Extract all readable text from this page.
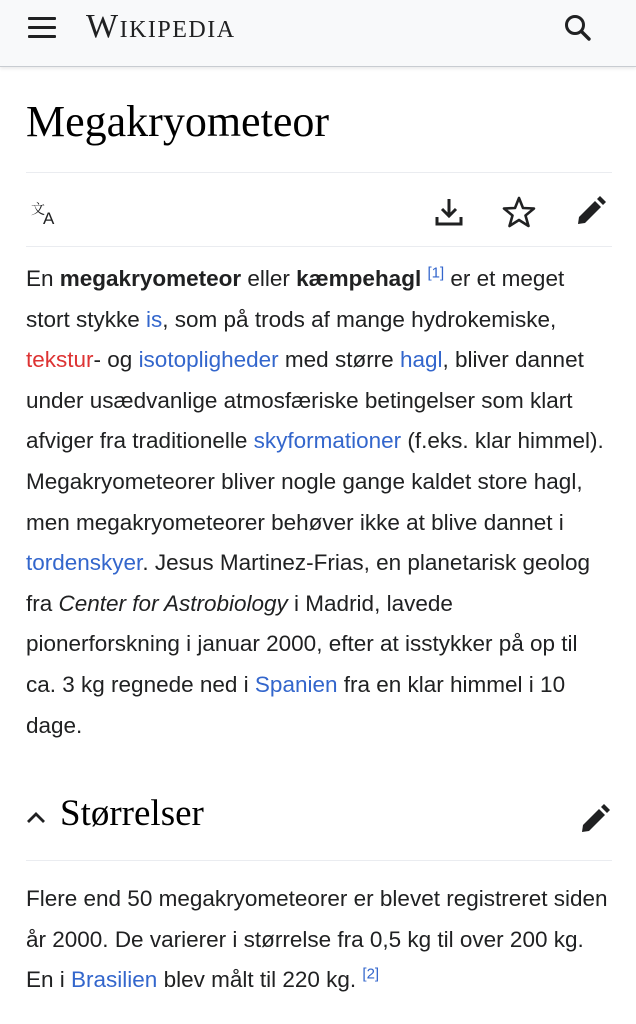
Wikipedia
Megakryometeor
文
A

En megakryometeor eller kæmpehagl [1] er et meget stort stykke is, som på trods af mange hydrokemiske, tekstur- og isotopligheder med større hagl, bliver dannet under usædvanlige atmosfæriske betingelser som klart afviger fra traditionelle skyformationer (f.eks. klar himmel). Megakryometeorer bliver nogle gange kaldet store hagl, men megakryometeorer behøver ikke at blive dannet i tordenskyer. Jesus Martinez-Frias, en planetarisk geolog fra Center for Astrobiology i Madrid, lavede pionerforskning i januar 2000, efter at isstykker på op til ca. 3 kg regnede ned i Spanien fra en klar himmel i 10 dage.

Størrelser

Flere end 50 megakryometeorer er blevet registreret siden år 2000. De varierer i størrelse fra 0,5 kg til over 200 kg. En i Brasilien blev målt til 220 kg. [2]
